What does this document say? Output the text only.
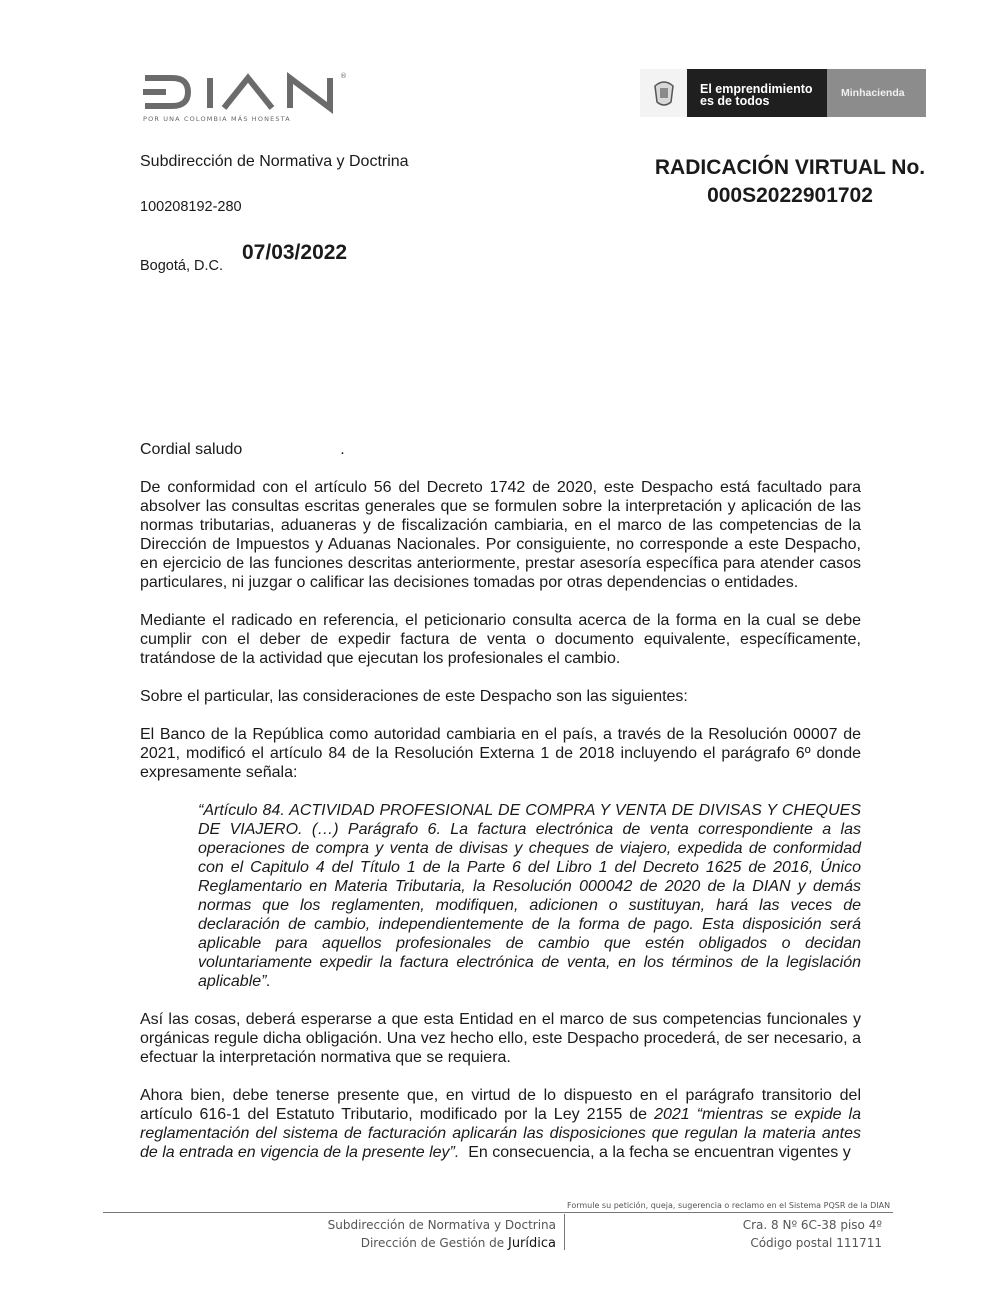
®
POR UNA COLOMBIA MÁS HONESTA
El emprendimiento
es de todos
Minhacienda
Subdirección de Normativa y Doctrina
100208192-280
Bogotá, D.C.
07/03/2022
RADICACIÓN VIRTUAL No.
000S2022901702

Cordial saludo	.

De conformidad con el artículo 56 del Decreto 1742 de 2020, este Despacho está facultado para absolver las consultas escritas generales que se formulen sobre la interpretación y aplicación de las normas tributarias, aduaneras y de fiscalización cambiaria, en el marco de las competencias de la Dirección de Impuestos y Aduanas Nacionales. Por consiguiente, no corresponde a este Despacho, en ejercicio de las funciones descritas anteriormente, prestar asesoría específica para atender casos particulares, ni juzgar o calificar las decisiones tomadas por otras dependencias o entidades.

Mediante el radicado en referencia, el peticionario consulta acerca de la forma en la cual se debe cumplir con el deber de expedir factura de venta o documento equivalente, específicamente, tratándose de la actividad que ejecutan los profesionales el cambio.

Sobre el particular, las consideraciones de este Despacho son las siguientes:

El Banco de la República como autoridad cambiaria en el país, a través de la Resolución 00007 de 2021, modificó el artículo 84 de la Resolución Externa 1 de 2018 incluyendo el parágrafo 6º donde expresamente señala:

“Artículo 84. ACTIVIDAD PROFESIONAL DE COMPRA Y VENTA DE DIVISAS Y CHEQUES DE VIAJERO. (…) Parágrafo 6. La factura electrónica de venta correspondiente a las operaciones de compra y venta de divisas y cheques de viajero, expedida de conformidad con el Capitulo 4 del Título 1 de la Parte 6 del Libro 1 del Decreto 1625 de 2016, Único Reglamentario en Materia Tributaria, la Resolución 000042 de 2020 de la DIAN y demás normas que los reglamenten, modifiquen, adicionen o sustituyan, hará las veces de declaración de cambio, independientemente de la forma de pago. Esta disposición será aplicable para aquellos profesionales de cambio que estén obligados o decidan voluntariamente expedir la factura electrónica de venta, en los términos de la legislación aplicable”.

Así las cosas, deberá esperarse a que esta Entidad en el marco de sus competencias funcionales y orgánicas regule dicha obligación. Una vez hecho ello, este Despacho procederá, de ser necesario, a efectuar la interpretación normativa que se requiera.

Ahora bien, debe tenerse presente que, en virtud de lo dispuesto en el parágrafo transitorio del artículo 616-1 del Estatuto Tributario, modificado por la Ley 2155 de 2021 “mientras se expide la reglamentación del sistema de facturación aplicarán las disposiciones que regulan la materia antes de la entrada en vigencia de la presente ley”.  En consecuencia, a la fecha se encuentran vigentes y

Formule su petición, queja, sugerencia o reclamo en el Sistema PQSR de la DIAN
Subdirección de Normativa y Doctrina
Dirección de Gestión de Jurídica
Cra. 8 Nº 6C-38 piso 4º
Código postal 111711
